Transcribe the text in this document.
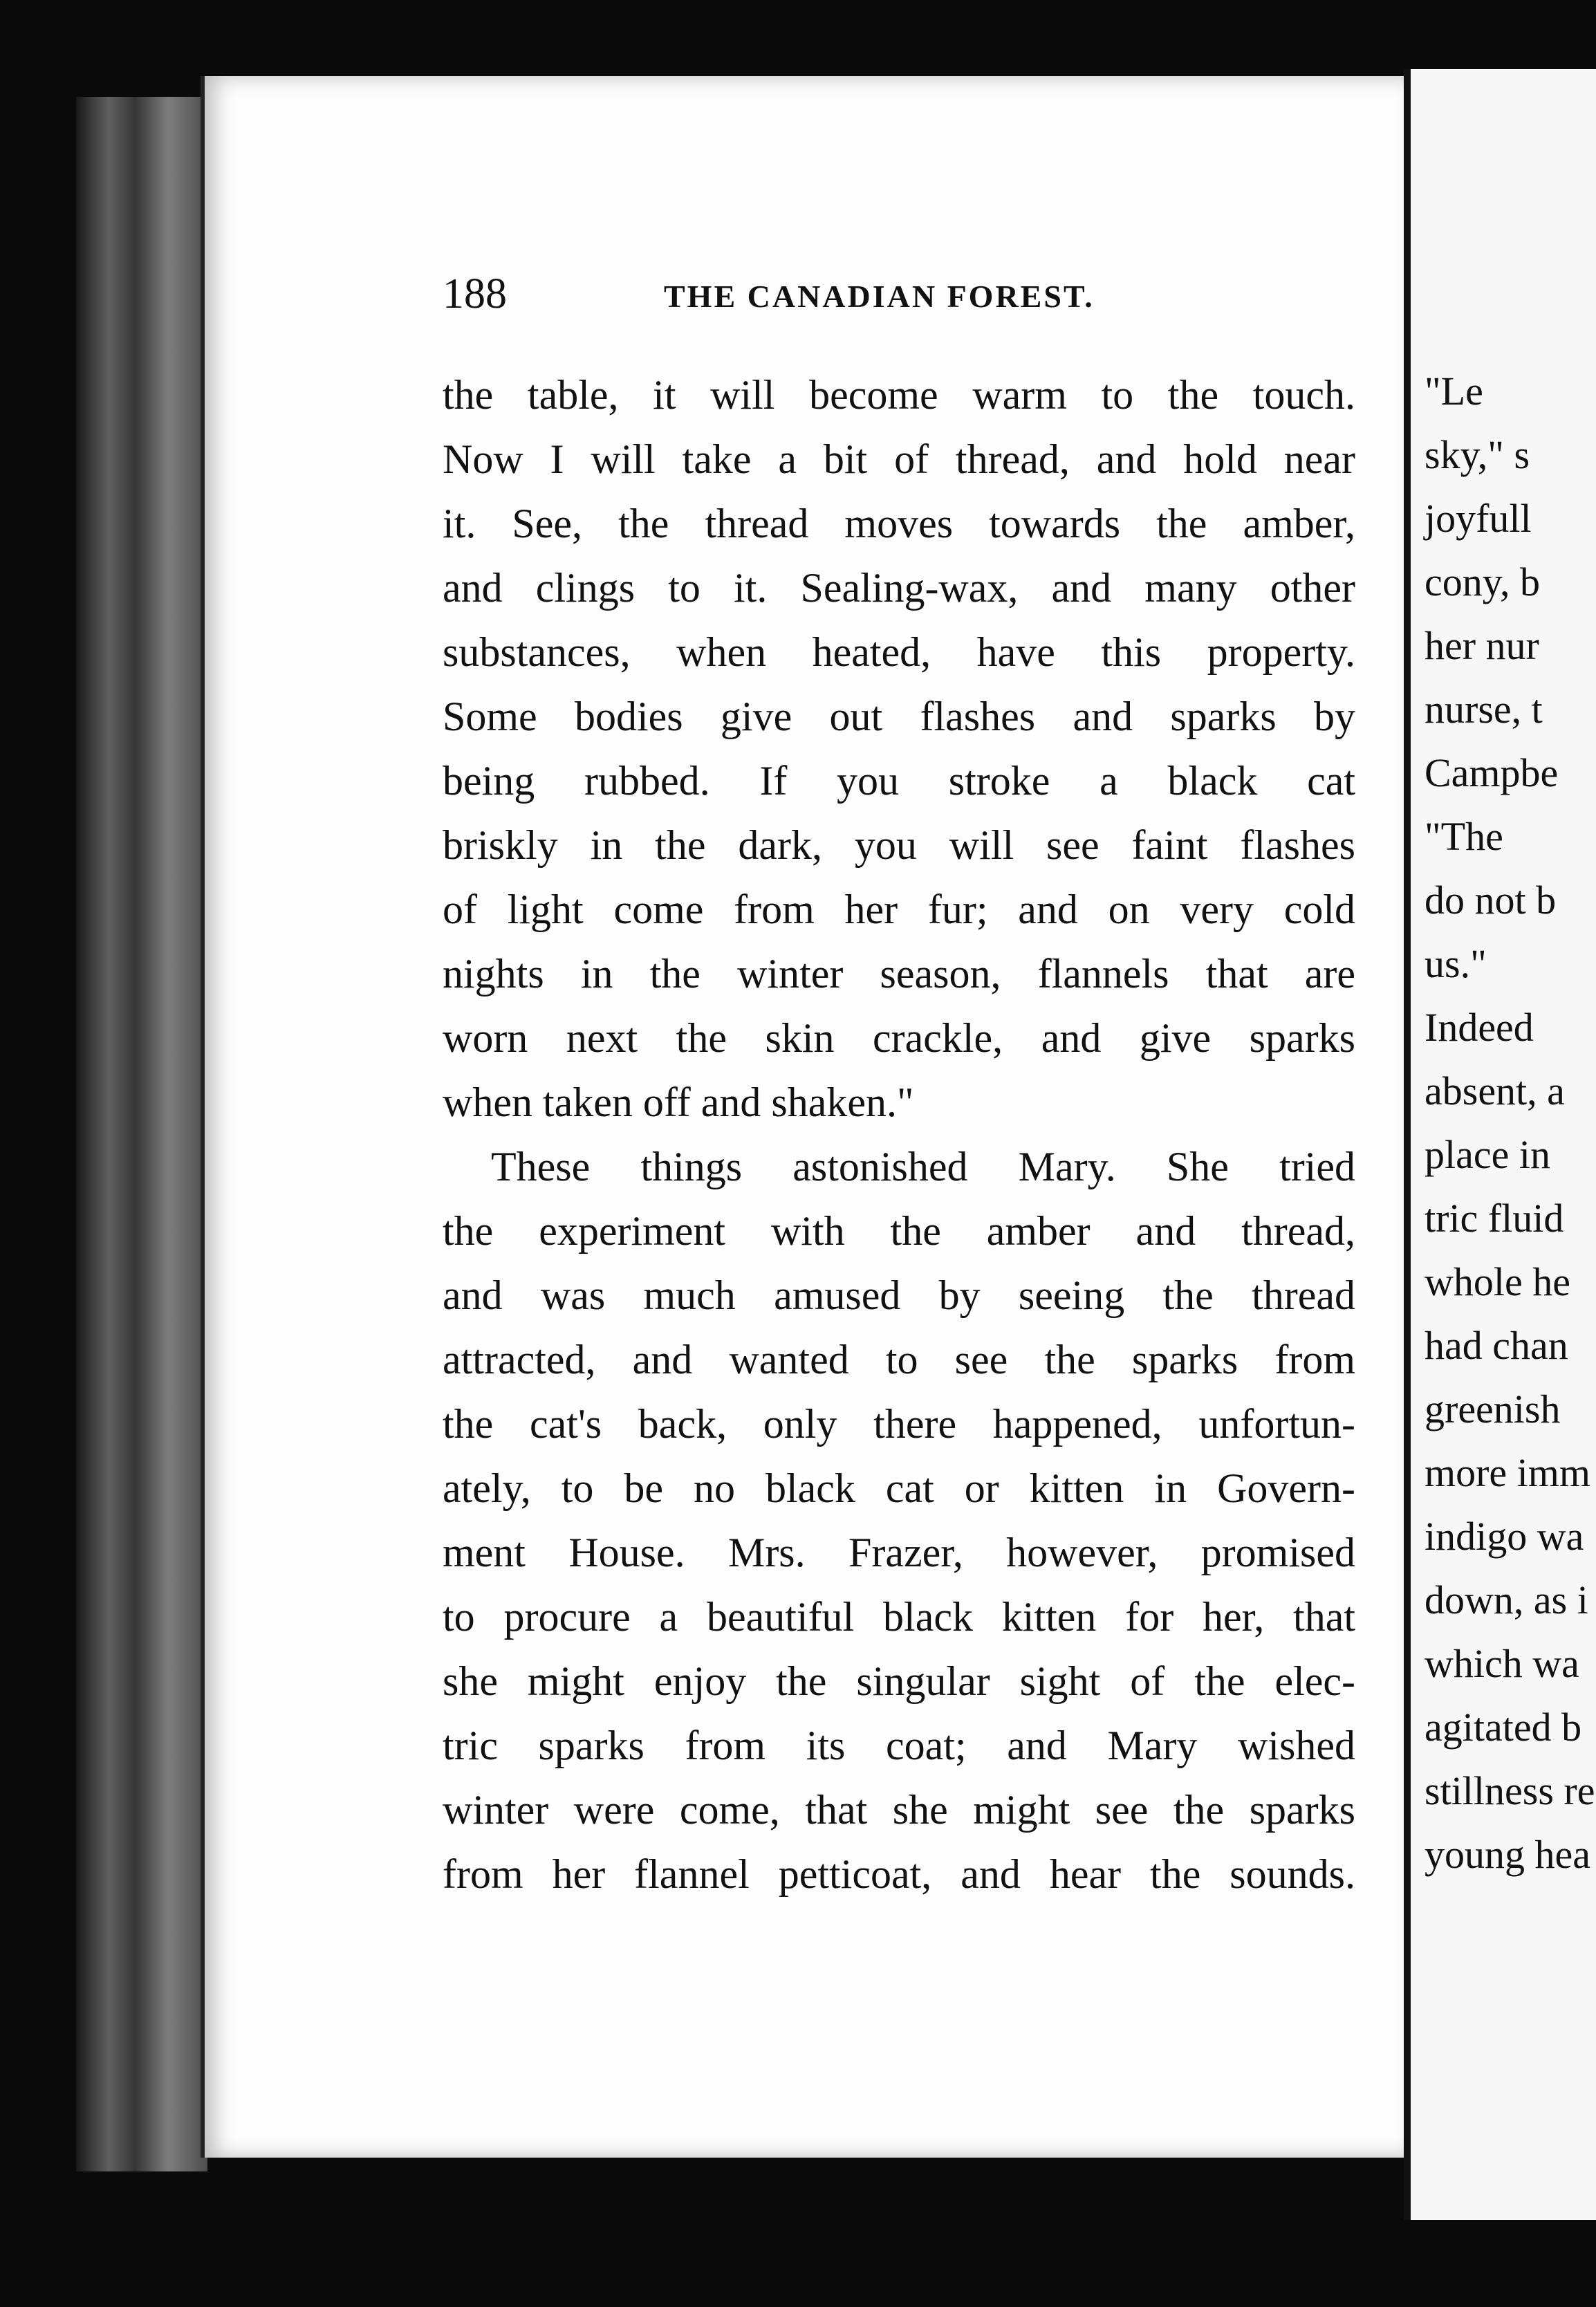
188	THE CANADIAN FOREST.
the table, it will become warm to the touch.
Now I will take a bit of thread, and hold near
it. See, the thread moves towards the amber,
and clings to it. Sealing-wax, and many other
substances, when heated, have this property.
Some bodies give out flashes and sparks by
being rubbed. If you stroke a black cat
briskly in the dark, you will see faint flashes
of light come from her fur; and on very cold
nights in the winter season, flannels that are
worn next the skin crackle, and give sparks
when taken off and shaken."
These things astonished Mary. She tried
the experiment with the amber and thread,
and was much amused by seeing the thread
attracted, and wanted to see the sparks from
the cat's back, only there happened, unfortun-
ately, to be no black cat or kitten in Govern-
ment House. Mrs. Frazer, however, promised
to procure a beautiful black kitten for her, that
she might enjoy the singular sight of the elec-
tric sparks from its coat; and Mary wished
winter were come, that she might see the sparks
from her flannel petticoat, and hear the sounds.
"Le
sky," s
joyfull
cony, b
her nur
nurse, t
Campbe
"The
do not b
us."
Indeed
absent, a
place in
tric fluid
whole he
had chan
greenish
more imm
indigo wa
down, as i
which wa
agitated b
stillness re
young hea
